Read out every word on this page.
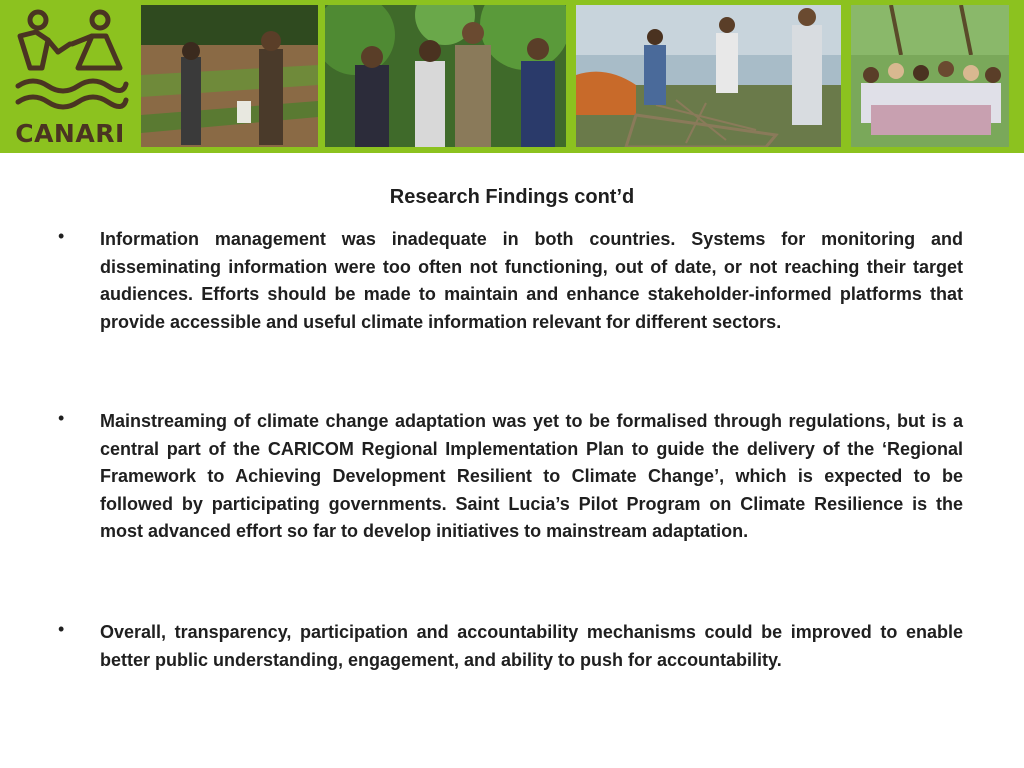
CANARI
Research Findings cont’d
• Information management was inadequate in both countries. Systems for monitoring and disseminating information were too often not functioning, out of date, or not reaching their target audiences. Efforts should be made to maintain and enhance stakeholder-informed platforms that provide accessible and useful climate information relevant for different sectors.
• Mainstreaming of climate change adaptation was yet to be formalised through regulations, but is a central part of the CARICOM Regional Implementation Plan to guide the delivery of the ‘Regional Framework to Achieving Development Resilient to Climate Change’, which is expected to be followed by participating governments. Saint Lucia’s Pilot Program on Climate Resilience is the most advanced effort so far to develop initiatives to mainstream adaptation.
• Overall, transparency, participation and accountability mechanisms could be improved to enable better public understanding, engagement, and ability to push for accountability.
